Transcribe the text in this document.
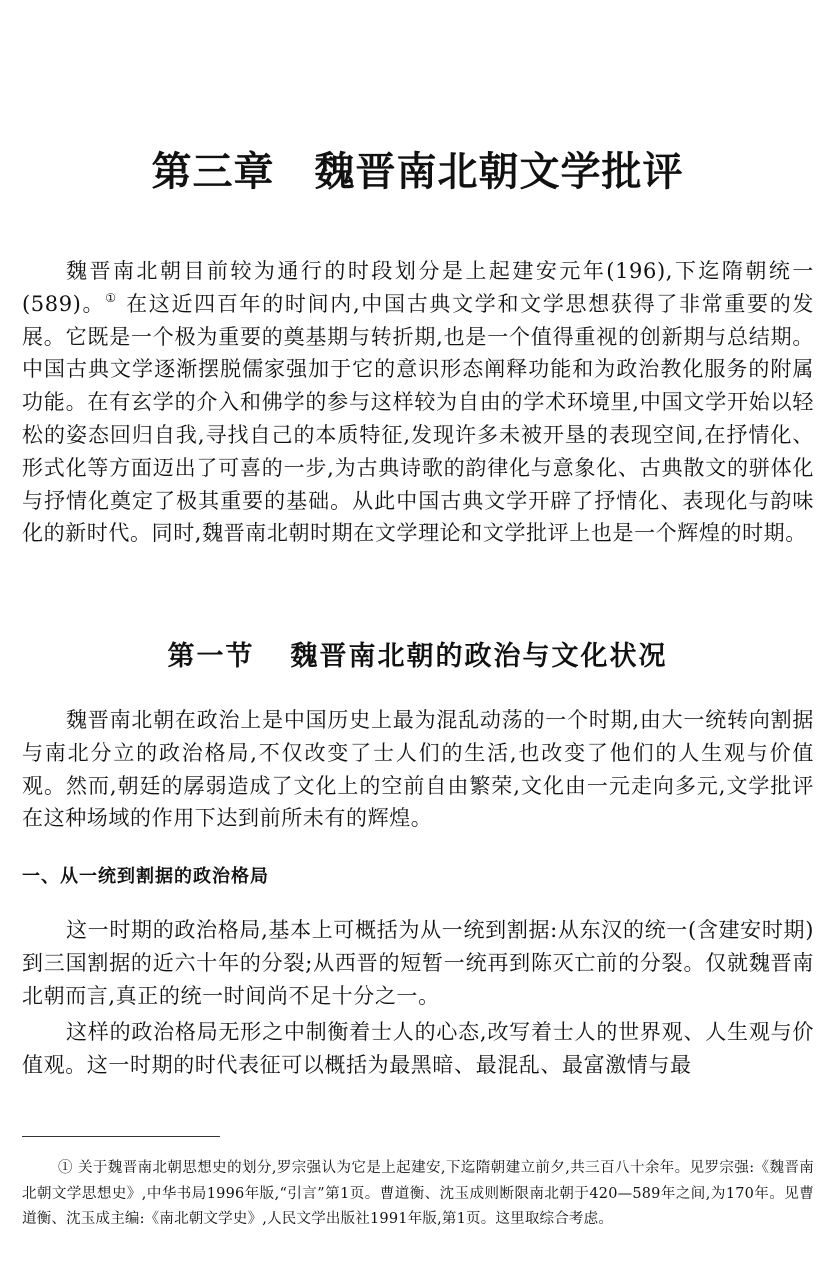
第三章 魏晋南北朝文学批评

魏晋南北朝目前较为通行的时段划分是上起建安元年(196),下迄隋朝统一(589)。① 在这近四百年的时间内,中国古典文学和文学思想获得了非常重要的发展。它既是一个极为重要的奠基期与转折期,也是一个值得重视的创新期与总结期。中国古典文学逐渐摆脱儒家强加于它的意识形态阐释功能和为政治教化服务的附属功能。在有玄学的介入和佛学的参与这样较为自由的学术环境里,中国文学开始以轻松的姿态回归自我,寻找自己的本质特征,发现许多未被开垦的表现空间,在抒情化、形式化等方面迈出了可喜的一步,为古典诗歌的韵律化与意象化、古典散文的骈体化与抒情化奠定了极其重要的基础。从此中国古典文学开辟了抒情化、表现化与韵味化的新时代。同时,魏晋南北朝时期在文学理论和文学批评上也是一个辉煌的时期。

第一节 魏晋南北朝的政治与文化状况

魏晋南北朝在政治上是中国历史上最为混乱动荡的一个时期,由大一统转向割据与南北分立的政治格局,不仅改变了士人们的生活,也改变了他们的人生观与价值观。然而,朝廷的孱弱造成了文化上的空前自由繁荣,文化由一元走向多元,文学批评在这种场域的作用下达到前所未有的辉煌。

一、从一统到割据的政治格局

这一时期的政治格局,基本上可概括为从一统到割据:从东汉的统一(含建安时期)到三国割据的近六十年的分裂;从西晋的短暂一统再到陈灭亡前的分裂。仅就魏晋南北朝而言,真正的统一时间尚不足十分之一。

这样的政治格局无形之中制衡着士人的心态,改写着士人的世界观、人生观与价值观。这一时期的时代表征可以概括为最黑暗、最混乱、最富激情与最

① 关于魏晋南北朝思想史的划分,罗宗强认为它是上起建安,下迄隋朝建立前夕,共三百八十余年。见罗宗强:《魏晋南北朝文学思想史》,中华书局1996年版,“引言”第1页。曹道衡、沈玉成则断限南北朝于420—589年之间,为170年。见曹道衡、沈玉成主编:《南北朝文学史》,人民文学出版社1991年版,第1页。这里取综合考虑。
